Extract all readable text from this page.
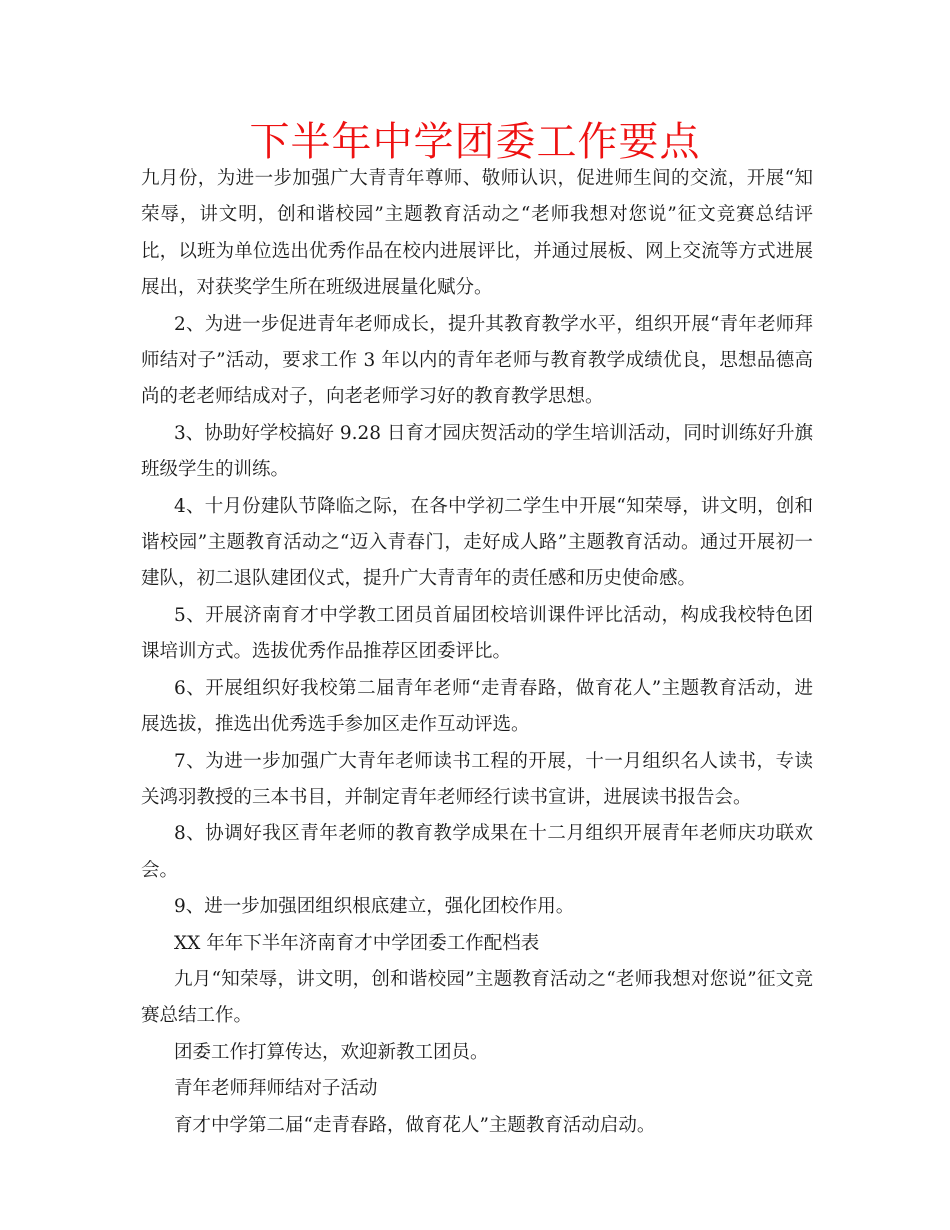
下半年中学团委工作要点

九月份，为进一步加强广大青青年尊师、敬师认识，促进师生间的交流，开展“知荣辱，讲文明，创和谐校园”主题教育活动之“老师我想对您说”征文竞赛总结评比，以班为单位选出优秀作品在校内进展评比，并通过展板、网上交流等方式进展展出，对获奖学生所在班级进展量化赋分。

2、为进一步促进青年老师成长，提升其教育教学水平，组织开展“青年老师拜师结对子”活动，要求工作 3 年以内的青年老师与教育教学成绩优良，思想品德高尚的老老师结成对子，向老老师学习好的教育教学思想。

3、协助好学校搞好 9.28 日育才园庆贺活动的学生培训活动，同时训练好升旗班级学生的训练。

4、十月份建队节降临之际，在各中学初二学生中开展“知荣辱，讲文明，创和谐校园”主题教育活动之“迈入青春门，走好成人路”主题教育活动。通过开展初一建队，初二退队建团仪式，提升广大青青年的责任感和历史使命感。

5、开展济南育才中学教工团员首届团校培训课件评比活动，构成我校特色团课培训方式。选拔优秀作品推荐区团委评比。

6、开展组织好我校第二届青年老师“走青春路，做育花人”主题教育活动，进展选拔，推选出优秀选手参加区走作互动评选。

7、为进一步加强广大青年老师读书工程的开展，十一月组织名人读书，专读关鸿羽教授的三本书目，并制定青年老师经行读书宣讲，进展读书报告会。

8、协调好我区青年老师的教育教学成果在十二月组织开展青年老师庆功联欢会。

9、进一步加强团组织根底建立，强化团校作用。

XX 年年下半年济南育才中学团委工作配档表

九月“知荣辱，讲文明，创和谐校园”主题教育活动之“老师我想对您说”征文竞赛总结工作。

团委工作打算传达，欢迎新教工团员。

青年老师拜师结对子活动

育才中学第二届“走青春路，做育花人”主题教育活动启动。
